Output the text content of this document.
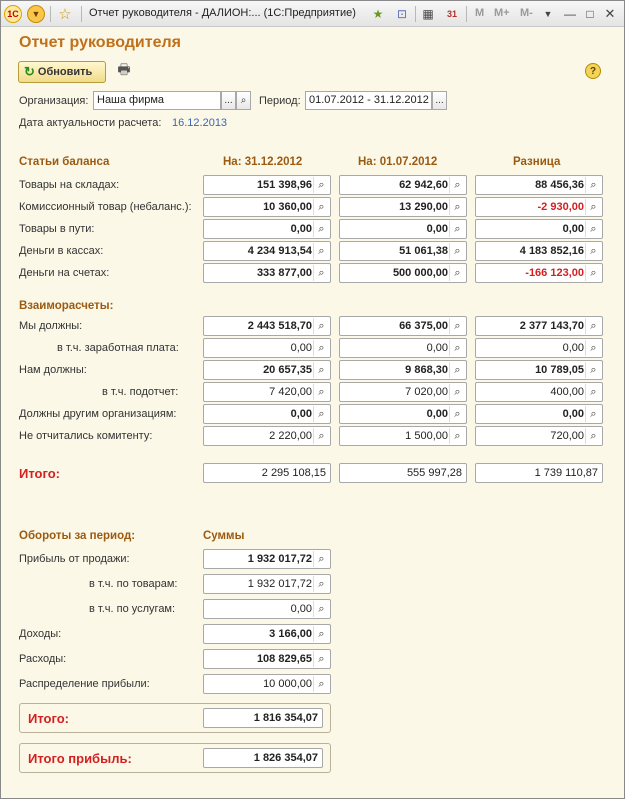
1С	▼	☆ Отчет руководителя - ДАЛИОН:... (1С:Предприятие)	★	⊡	▦	31	M M+ M-	▼ — □ ✕
Отчет руководителя
↻ Обновить 🖶	?
Организация: Наша фирма	... ⌕	Период: 01.07.2012 - 31.12.2012 ...
Дата актуальности расчета: 16.12.2013
Статьи баланса	На: 31.12.2012	На: 01.07.2012	Разница
Товары на складах:	151 398,96 ⌕	62 942,60 ⌕	88 456,36 ⌕
Комиссионный товар (небаланс.):	10 360,00 ⌕	13 290,00 ⌕	-2 930,00 ⌕
Товары в пути:	0,00 ⌕	0,00 ⌕	0,00 ⌕
Деньги в кассах:	4 234 913,54 ⌕	51 061,38 ⌕	4 183 852,16 ⌕
Деньги на счетах:	333 877,00 ⌕	500 000,00 ⌕	-166 123,00 ⌕
Взаиморасчеты:
Мы должны:	2 443 518,70 ⌕	66 375,00 ⌕	2 377 143,70 ⌕
в т.ч. заработная плата:	0,00 ⌕	0,00 ⌕	0,00 ⌕
Нам должны:	20 657,35 ⌕	9 868,30 ⌕	10 789,05 ⌕
в т.ч. подотчет:	7 420,00 ⌕	7 020,00 ⌕	400,00 ⌕
Должны другим организациям:	0,00 ⌕	0,00 ⌕	0,00 ⌕
Не отчитались комитенту:	2 220,00 ⌕	1 500,00 ⌕	720,00 ⌕
Итого:	2 295 108,15	555 997,28	1 739 110,87
Обороты за период:	Суммы
Прибыль от продажи:	1 932 017,72 ⌕
в т.ч. по товарам:	1 932 017,72 ⌕
в т.ч. по услугам:	0,00 ⌕
Доходы:	3 166,00 ⌕
Расходы:	108 829,65 ⌕
Распределение прибыли:	10 000,00 ⌕
Итого:	1 816 354,07
Итого прибыль:	1 826 354,07
